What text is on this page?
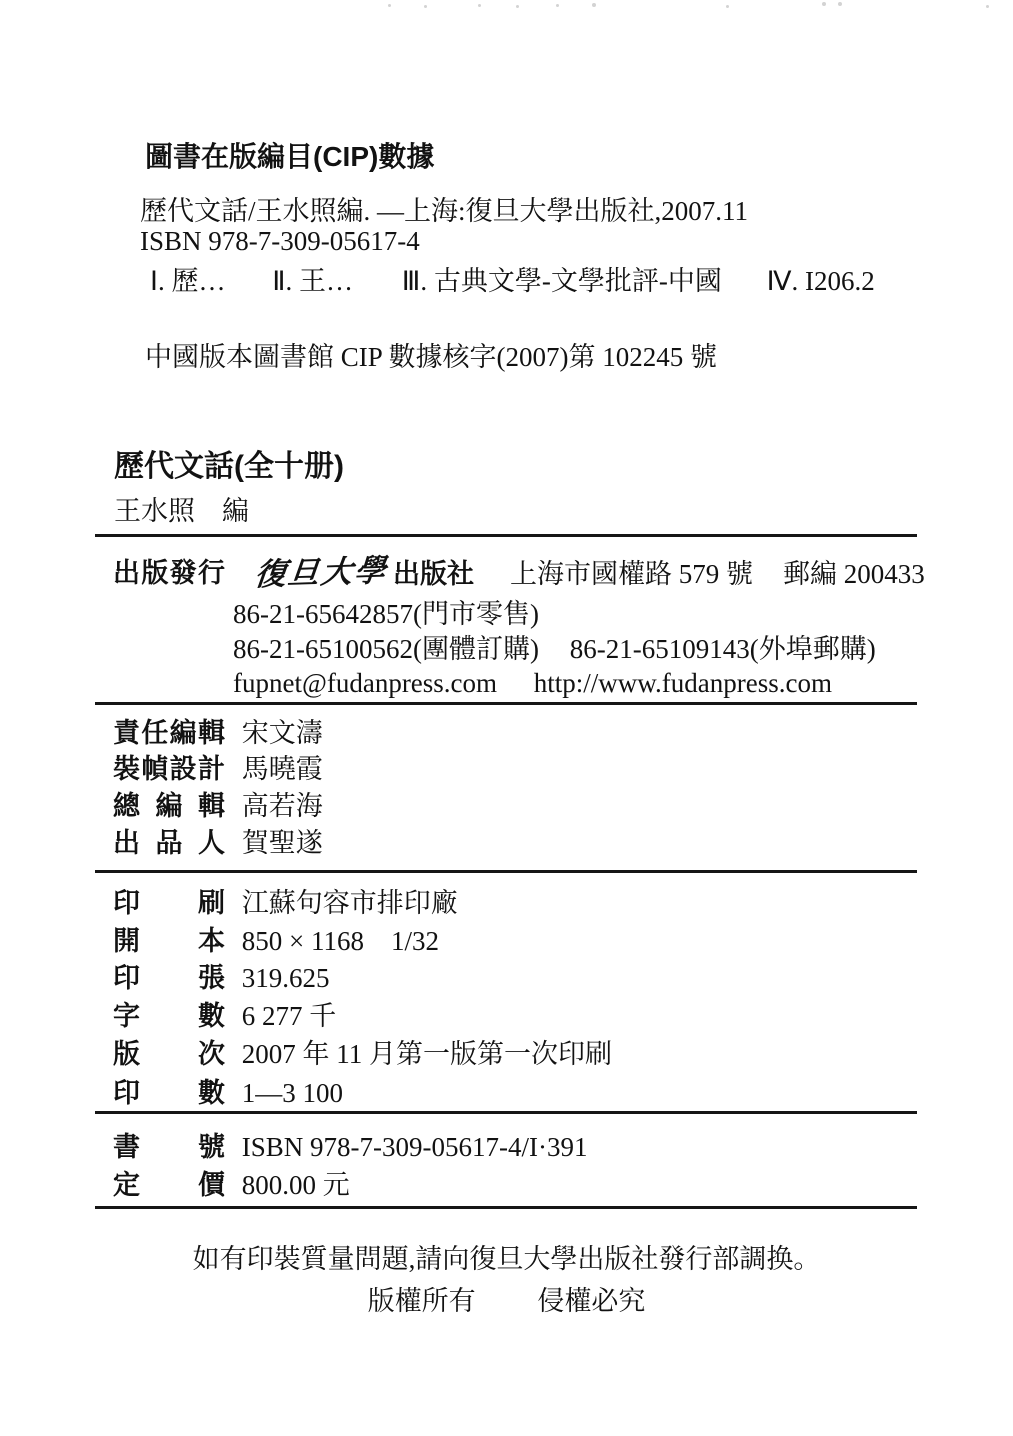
圖書在版編目(CIP)數據
歷代文話/王水照編. —上海:復旦大學出版社,2007.11
ISBN 978-7-309-05617-4
Ⅰ. 歷… Ⅱ. 王… Ⅲ. 古典文學-文學批評-中國 Ⅳ. I206.2
中國版本圖書館 CIP 數據核字(2007)第 102245 號
歷代文話(全十册)
王水照　編
出版發行 復旦大學 出版社 上海市國權路 579 號 郵編 200433
86-21-65642857(門市零售)
86-21-65100562(團體訂購) 86-21-65109143(外埠郵購)
fupnet@fudanpress.com http://www.fudanpress.com
責任編輯 宋文濤
裝幀設計 馬曉霞
總 編 輯 高若海
出 品 人 賀聖遂
印 刷 江蘇句容市排印廠
開 本 850 × 1168　1/32
印 張 319.625
字 數 6 277 千
版 次 2007 年 11 月第一版第一次印刷
印 數 1—3 100
書 號 ISBN 978-7-309-05617-4/I·391
定 價 800.00 元
如有印裝質量問題,請向復旦大學出版社發行部調换。
版權所有 侵權必究
